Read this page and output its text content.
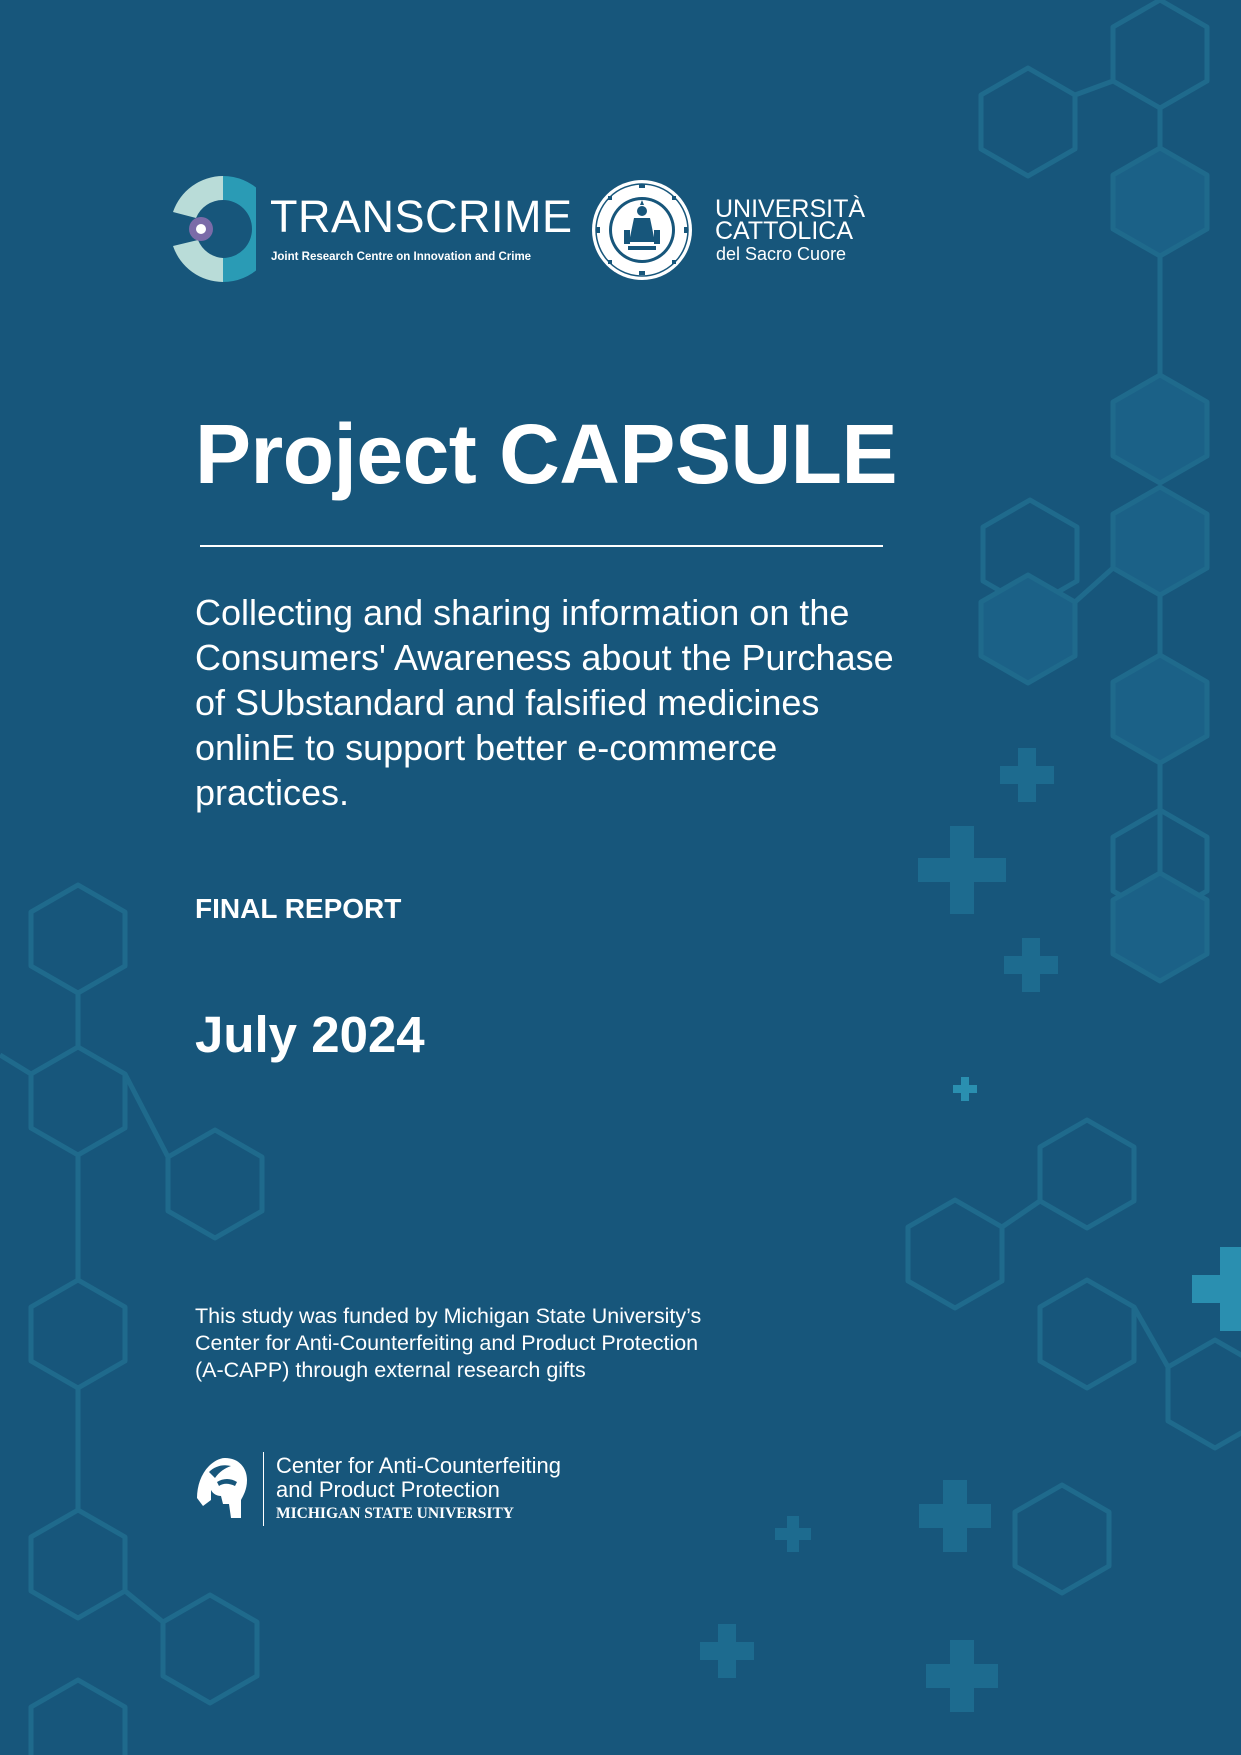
TRANSCRIME
Joint Research Centre on Innovation and Crime
UNIVERSITÀ
CATTOLICA
del Sacro Cuore
Project CAPSULE

Collecting and sharing information on the Consumers' Awareness about the Purchase of SUbstandard and falsified medicines onlinE to support better e-commerce practices.

FINAL REPORT
July 2024

This study was funded by Michigan State University’s
Center for Anti-Counterfeiting and Product Protection
(A-CAPP) through external research gifts

Center for Anti-Counterfeiting
and Product Protection
MICHIGAN STATE UNIVERSITY
